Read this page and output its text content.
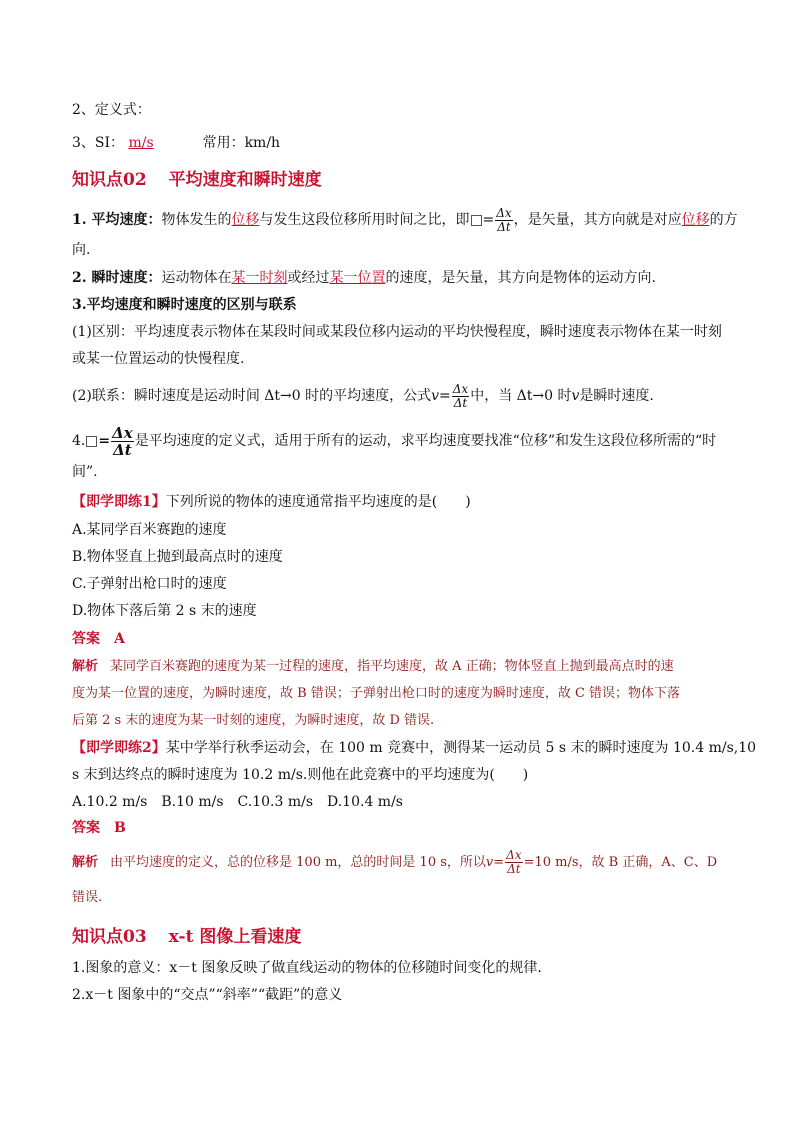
2、定义式：
3、SI： m/s	常用：km/h
知识点02 平均速度和瞬时速度
1. 平均速度：物体发生的位移与发生这段位移所用时间之比，即 = $\frac{\Delta x}{\Delta t}$ ，是矢量，其方向就是对应位移的方
向.
2. 瞬时速度：运动物体在某一时刻或经过某一位置的速度，是矢量，其方向是物体的运动方向.
3.平均速度和瞬时速度的区别与联系
(1)区别：平均速度表示物体在某段时间或某段位移内运动的平均快慢程度，瞬时速度表示物体在某一时刻
或某一位置运动的快慢程度.
(2)联系：瞬时速度是运动时间 Δt→0 时的平均速度，公式$v= \frac{\Delta x}{\Delta t}$ 中，当 Δt→0 时v是瞬时速度.
4. = $\frac{\Delta x}{\Delta t}$ 是平均速度的定义式，适用于所有的运动，求平均速度要找准“位移”和发生这段位移所需的“时
间”.
【即学即练1】下列所说的物体的速度通常指平均速度的是(　　)
A.某同学百米赛跑的速度
B.物体竖直上抛到最高点时的速度
C.子弹射出枪口时的速度
D.物体下落后第 2 s 末的速度
答案　 A
解析 某同学百米赛跑的速度为某一过程的速度，指平均速度，故 A 正确；物体竖直上抛到最高点时的速
度为某一位置的速度，为瞬时速度，故 B 错误；子弹射出枪口时的速度为瞬时速度，故 C 错误；物体下落
后第 2 s 末的速度为某一时刻的速度，为瞬时速度，故 D 错误.
【即学即练2】某中学举行秋季运动会，在 100 m 竞赛中，测得某一运动员 5 s 末的瞬时速度为 10.4 m/s,10
s 末到达终点的瞬时速度为 10.2 m/s.则他在此竞赛中的平均速度为(　　)
A.10.2 m/s　B.10 m/s　C.10.3 m/s　D.10.4 m/s
答案　 B
解析 由平均速度的定义，总的位移是 100 m，总的时间是 10 s，所以$v= \frac{\Delta x}{\Delta t} =10$ m/s，故 B 正确，A、C、D
错误.
知识点03 x-t 图像上看速度
1.图象的意义：x－t 图象反映了做直线运动的物体的位移随时间变化的规律.
2.x－t 图象中的“交点”“斜率”“截距”的意义
